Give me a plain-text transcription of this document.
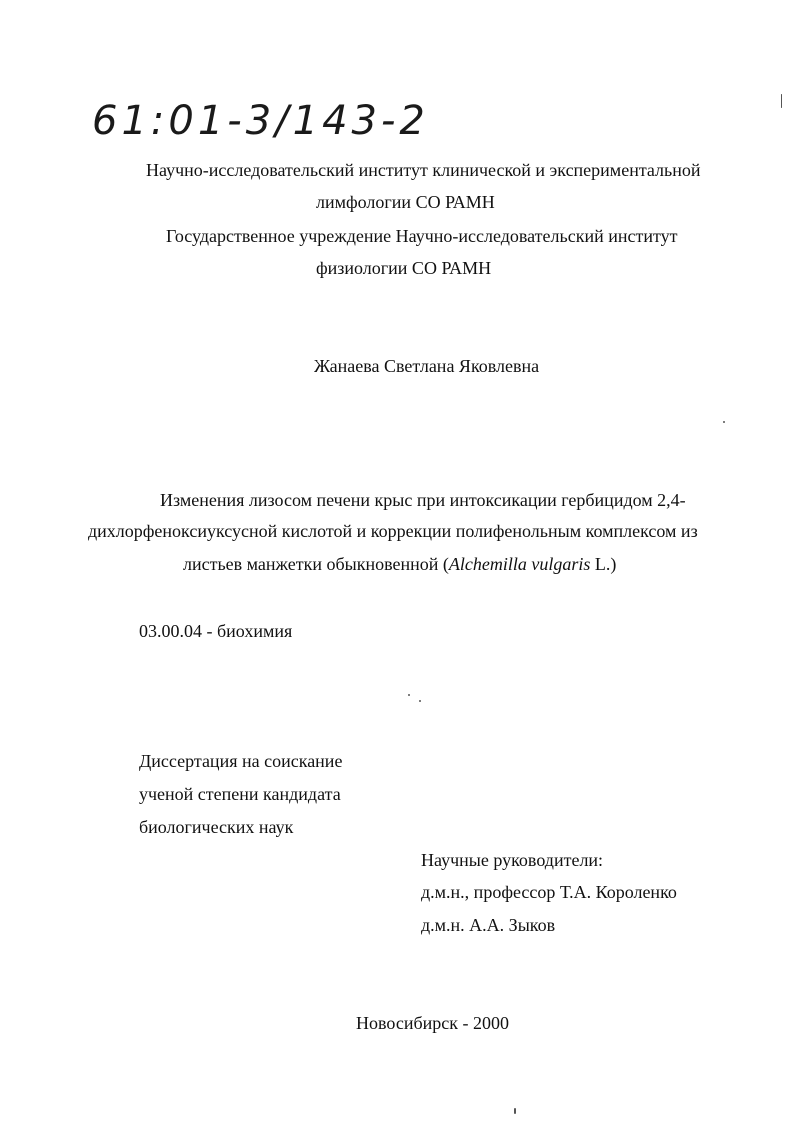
61:01-3/143-2
Научно-исследовательский институт клинической и экспериментальной
лимфологии СО РАМН
Государственное учреждение Научно-исследовательский институт
физиологии СО РАМН
Жанаева Светлана Яковлевна
Изменения лизосом печени крыс при интоксикации гербицидом 2,4-
дихлорфеноксиуксусной кислотой и коррекции полифенольным комплексом из
листьев манжетки обыкновенной (Alchemilla vulgaris L.)
03.00.04 - биохимия
Диссертация на соискание
ученой степени кандидата
биологических наук
Научные руководители:
д.м.н., профессор Т.А. Короленко
д.м.н. А.А. Зыков
Новосибирск - 2000
